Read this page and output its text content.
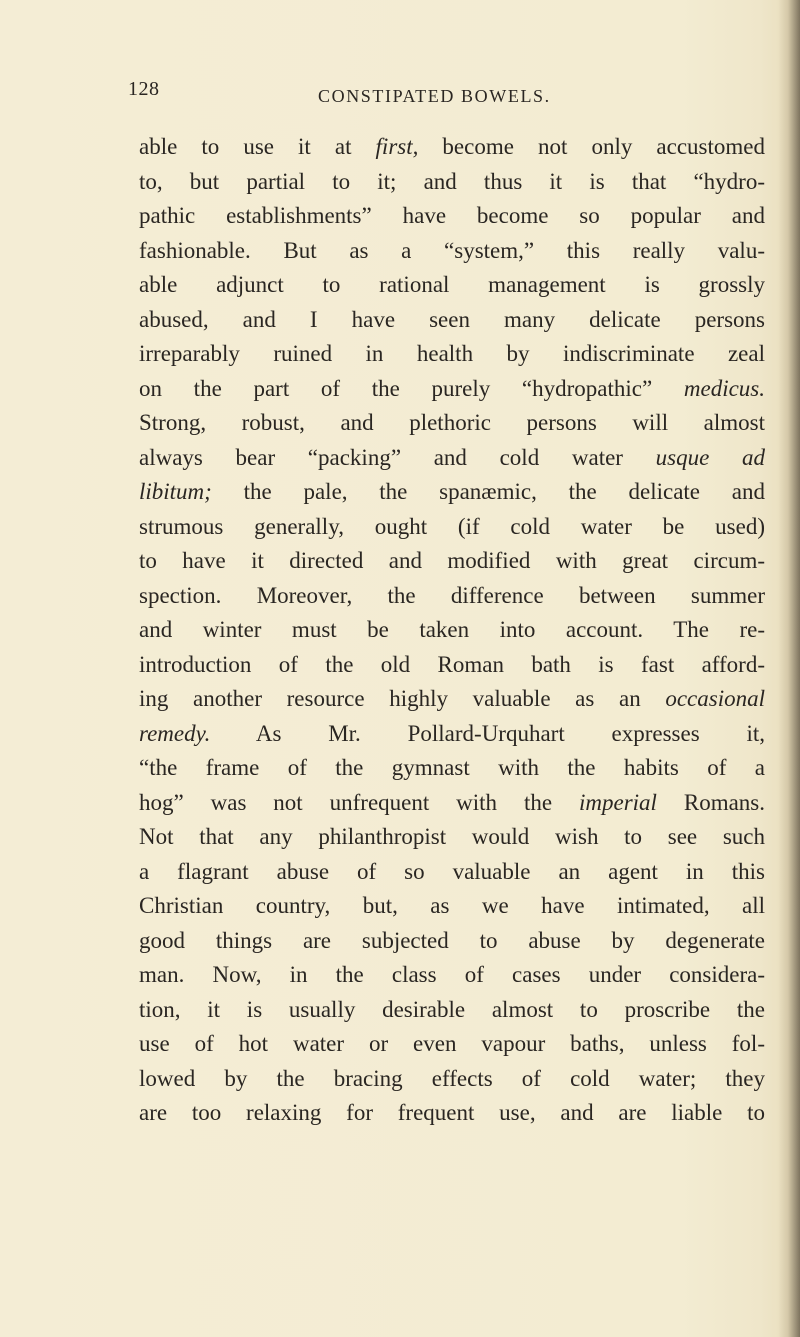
128	CONSTIPATED BOWELS.
able to use it at first, become not only accustomed
to, but partial to it; and thus it is that “hydro-
pathic establishments” have become so popular and
fashionable. But as a “system,” this really valu-
able adjunct to rational management is grossly
abused, and I have seen many delicate persons
irreparably ruined in health by indiscriminate zeal
on the part of the purely “hydropathic” medicus.
Strong, robust, and plethoric persons will almost
always bear “packing” and cold water usque ad
libitum; the pale, the spanæmic, the delicate and
strumous generally, ought (if cold water be used)
to have it directed and modified with great circum-
spection. Moreover, the difference between summer
and winter must be taken into account. The re-
introduction of the old Roman bath is fast afford-
ing another resource highly valuable as an occasional
remedy. As Mr. Pollard-Urquhart expresses it,
“the frame of the gymnast with the habits of a
hog” was not unfrequent with the imperial Romans.
Not that any philanthropist would wish to see such
a flagrant abuse of so valuable an agent in this
Christian country, but, as we have intimated, all
good things are subjected to abuse by degenerate
man. Now, in the class of cases under considera-
tion, it is usually desirable almost to proscribe the
use of hot water or even vapour baths, unless fol-
lowed by the bracing effects of cold water; they
are too relaxing for frequent use, and are liable to
